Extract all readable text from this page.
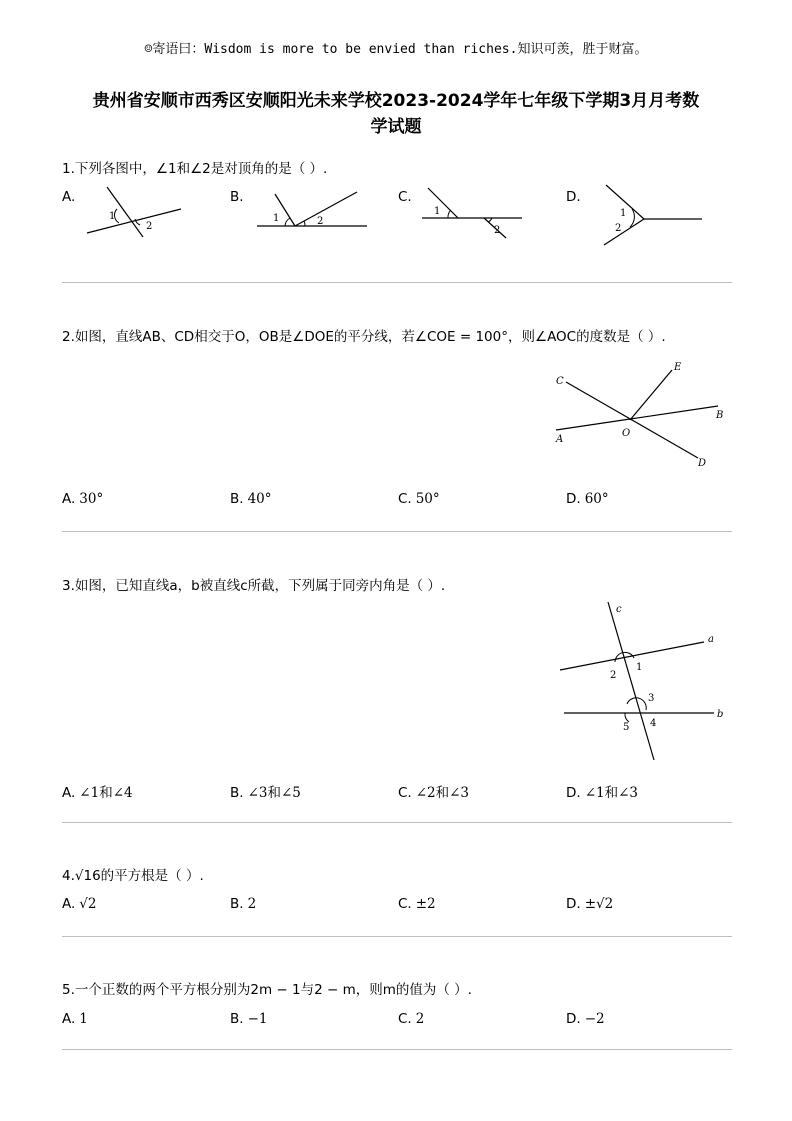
☺寄语曰：Wisdom is more to be envied than riches.知识可羡，胜于财富。
贵州省安顺市西秀区安顺阳光未来学校2023-2024学年七年级下学期3月月考数
学试题
1.下列各图中，∠1和∠2是对顶角的是（ ）.
A.
1
2
B.
1	2
C.
1
2
D.
1
2
2.如图，直线AB、CD相交于O，OB是∠DOE的平分线，若∠COE = 100°，则∠AOC的度数是（ ）.
C
E
B
O
A
D
A. 30°	B. 40°	C. 50°	D. 60°
3.如图，已知直线a，b被直线c所截，下列属于同旁内角是（ ）.
c
a
b
1
2
3
4
5
A. ∠1和∠4	B. ∠3和∠5	C. ∠2和∠3	D. ∠1和∠3
4.√16的平方根是（ ）.
A. √2	B. 2	C. ±2	D. ±√2
5.一个正数的两个平方根分别为2m − 1与2 − m，则m的值为（ ）.
A. 1	B. −1	C. 2	D. −2
